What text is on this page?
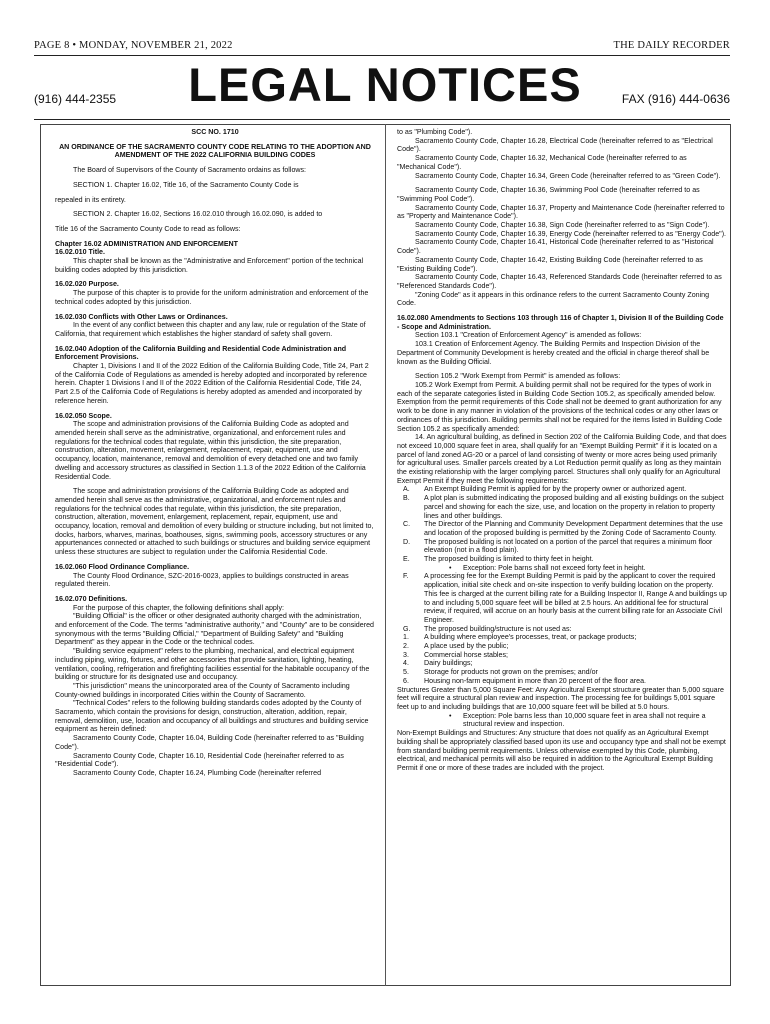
PAGE 8 • MONDAY, NOVEMBER 21, 2022	THE DAILY RECORDER
LEGAL NOTICES
(916) 444-2355	FAX (916) 444-0636

SCC NO. 1710

AN ORDINANCE OF THE SACRAMENTO COUNTY CODE RELATING TO THE ADOPTION AND AMENDMENT OF THE 2022 CALIFORNIA BUILDING CODES

The Board of Supervisors of the County of Sacramento ordains as follows:

SECTION 1. Chapter 16.02, Title 16, of the Sacramento County Code is

repealed in its entirety.

SECTION 2. Chapter 16.02, Sections 16.02.010 through 16.02.090, is added to

Title 16 of the Sacramento County Code to read as follows:

Chapter 16.02 ADMINISTRATION AND ENFORCEMENT

16.02.010 Title.

This chapter shall be known as the "Administrative and Enforcement" portion of the technical building codes adopted by this jurisdiction.

16.02.020 Purpose.

The purpose of this chapter is to provide for the uniform administration and enforcement of the technical codes adopted by this jurisdiction.

16.02.030 Conflicts with Other Laws or Ordinances.

In the event of any conflict between this chapter and any law, rule or regulation of the State of California, that requirement which establishes the higher standard of safety shall govern.

16.02.040 Adoption of the California Building and Residential Code Administration and Enforcement Provisions.

Chapter 1, Divisions I and II of the 2022 Edition of the California Building Code, Title 24, Part 2 of the California Code of Regulations as amended is hereby adopted and incorporated by reference herein. Chapter 1 Divisions I and II of the 2022 Edition of the California Residential Code, Title 24, Part 2.5 of the California Code of Regulations is hereby adopted as amended and incorporated by reference herein.

16.02.050 Scope.

The scope and administration provisions of the California Building Code as adopted and amended herein shall serve as the administrative, organizational, and enforcement rules and regulations for the technical codes that regulate, within this jurisdiction, the site preparation, construction, alteration, movement, enlargement, replacement, repair, equipment, use and occupancy, location, maintenance, removal and demolition of every detached one and two family dwelling and accessory structures as classified in Section 1.1.3 of the 2022 Edition of the California Residential Code.

The scope and administration provisions of the California Building Code as adopted and amended herein shall serve as the administrative, organizational, and enforcement rules and regulations for the technical codes that regulate, within this jurisdiction, the site preparation, construction, alteration, movement, enlargement, replacement, repair, equipment, use and occupancy, location, removal and demolition of every building or structure including, but not limited to, docks, harbors, wharves, marinas, boathouses, signs, swimming pools, accessory structures or any appurtenances connected or attached to such buildings or structures and building service equipment unless these structures are subject to regulation under the California Residential Code.

16.02.060 Flood Ordinance Compliance.

The County Flood Ordinance, SZC-2016-0023, applies to buildings constructed in areas regulated therein.

16.02.070 Definitions.

For the purpose of this chapter, the following definitions shall apply:

"Building Official" is the officer or other designated authority charged with the administration, and enforcement of the Code. The terms "administrative authority," and "County" are to be considered synonymous with the terms "Building Official," "Department of Building Safety" and "Building Department" as they appear in the Code or the technical codes.

"Building service equipment" refers to the plumbing, mechanical, and electrical equipment including piping, wiring, fixtures, and other accessories that provide sanitation, lighting, heating, ventilation, cooling, refrigeration and firefighting facilities essential for the habitable occupancy of the building or structure for its designated use and occupancy.

"This jurisdiction" means the unincorporated area of the County of Sacramento including County-owned buildings in incorporated Cities within the County of Sacramento.

"Technical Codes" refers to the following building standards codes adopted by the County of Sacramento, which contain the provisions for design, construction, alteration, addition, repair, removal, demolition, use, location and occupancy of all buildings and structures and building service equipment as herein defined:

Sacramento County Code, Chapter 16.04, Building Code (hereinafter referred to as "Building Code").

Sacramento County Code, Chapter 16.10, Residential Code (hereinafter referred to as "Residential Code").

Sacramento County Code, Chapter 16.24, Plumbing Code (hereinafter referred

to as "Plumbing Code").

Sacramento County Code, Chapter 16.28, Electrical Code (hereinafter referred to as "Electrical Code").

Sacramento County Code, Chapter 16.32, Mechanical Code (hereinafter referred to as "Mechanical Code").

Sacramento County Code, Chapter 16.34, Green Code (hereinafter referred to as "Green Code").

Sacramento County Code, Chapter 16.36, Swimming Pool Code (hereinafter referred to as "Swimming Pool Code").

Sacramento County Code, Chapter 16.37, Property and Maintenance Code (hereinafter referred to as "Property and Maintenance Code").

Sacramento County Code, Chapter 16.38, Sign Code (hereinafter referred to as "Sign Code").

Sacramento County Code, Chapter 16.39, Energy Code (hereinafter referred to as "Energy Code").

Sacramento County Code, Chapter 16.41, Historical Code (hereinafter referred to as "Historical Code").

Sacramento County Code, Chapter 16.42, Existing Building Code (hereinafter referred to as "Existing Building Code").

Sacramento County Code, Chapter 16.43, Referenced Standards Code (hereinafter referred to as "Referenced Standards Code").

"Zoning Code" as it appears in this ordinance refers to the current Sacramento County Zoning Code.

16.02.080 Amendments to Sections 103 through 116 of Chapter 1, Division II of the Building Code - Scope and Administration.

Section 103.1 "Creation of Enforcement Agency" is amended as follows:

103.1 Creation of Enforcement Agency. The Building Permits and Inspection Division of the Department of Community Development is hereby created and the official in charge thereof shall be known as the Building Official.

Section 105.2 "Work Exempt from Permit" is amended as follows:

105.2 Work Exempt from Permit. A building permit shall not be required for the types of work in each of the separate categories listed in Building Code Section 105.2, as specifically amended below. Exemption from the permit requirements of this Code shall not be deemed to grant authorization for any work to be done in any manner in violation of the provisions of the technical codes or any other laws or ordinances of this jurisdiction. Building permits shall not be required for the items listed in Building Code Section 105.2 as specifically amended:

14. An agricultural building, as defined in Section 202 of the California Building Code, and that does not exceed 10,000 square feet in area, shall qualify for an "Exempt Building Permit" if it is located on a parcel of land zoned AG-20 or a parcel of land consisting of twenty or more acres being used primarily for agricultural uses. Smaller parcels created by a Lot Reduction permit qualify as long as they maintain the existing relationship with the larger complying parcel. Structures shall only qualify for an Agricultural Exempt Permit if they meet the following requirements:

A.	An Exempt Building Permit is applied for by the property owner or authorized agent.
B.	A plot plan is submitted indicating the proposed building and all existing buildings on the subject parcel and showing for each the size, use, and location on the property in relation to property lines and other buildings.
C.	The Director of the Planning and Community Development Department determines that the use and location of the proposed building is permitted by the Zoning Code of Sacramento County.
D.	The proposed building is not located on a portion of the parcel that requires a minimum floor elevation (not in a flood plain).
E.	The proposed building is limited to thirty feet in height.
•	Exception: Pole barns shall not exceed forty feet in height.
F.	A processing fee for the Exempt Building Permit is paid by the applicant to cover the required application, initial site check and on-site inspection to verify building location on the property. This fee is charged at the current billing rate for a Building Inspector II, Range A and buildings up to and including 5,000 square feet will be billed at 2.5 hours. An additional fee for structural review, if required, will accrue on an hourly basis at the current billing rate for an Associate Civil Engineer.
G.	The proposed building/structure is not used as:
1.	A building where employee's processes, treat, or package products;
2.	A place used by the public;
3.	Commercial horse stables;
4.	Dairy buildings;
5.	Storage for products not grown on the premises; and/or
6.	Housing non-farm equipment in more than 20 percent of the floor area.

Structures Greater than 5,000 Square Feet: Any Agricultural Exempt structure greater than 5,000 square feet will require a structural plan review and inspection. The processing fee for buildings 5,001 square feet up to and including buildings that are 10,000 square feet will be billed at 5.0 hours.

•	Exception: Pole barns less than 10,000 square feet in area shall not require a structural review and inspection.

Non-Exempt Buildings and Structures: Any structure that does not qualify as an Agricultural Exempt building shall be appropriately classified based upon its use and occupancy type and shall not be exempt from standard building permit requirements. Unless otherwise exempted by this Code, plumbing, electrical, and mechanical permits will also be required in addition to the Agricultural Exempt Building Permit if one or more of these trades are included with the project.
